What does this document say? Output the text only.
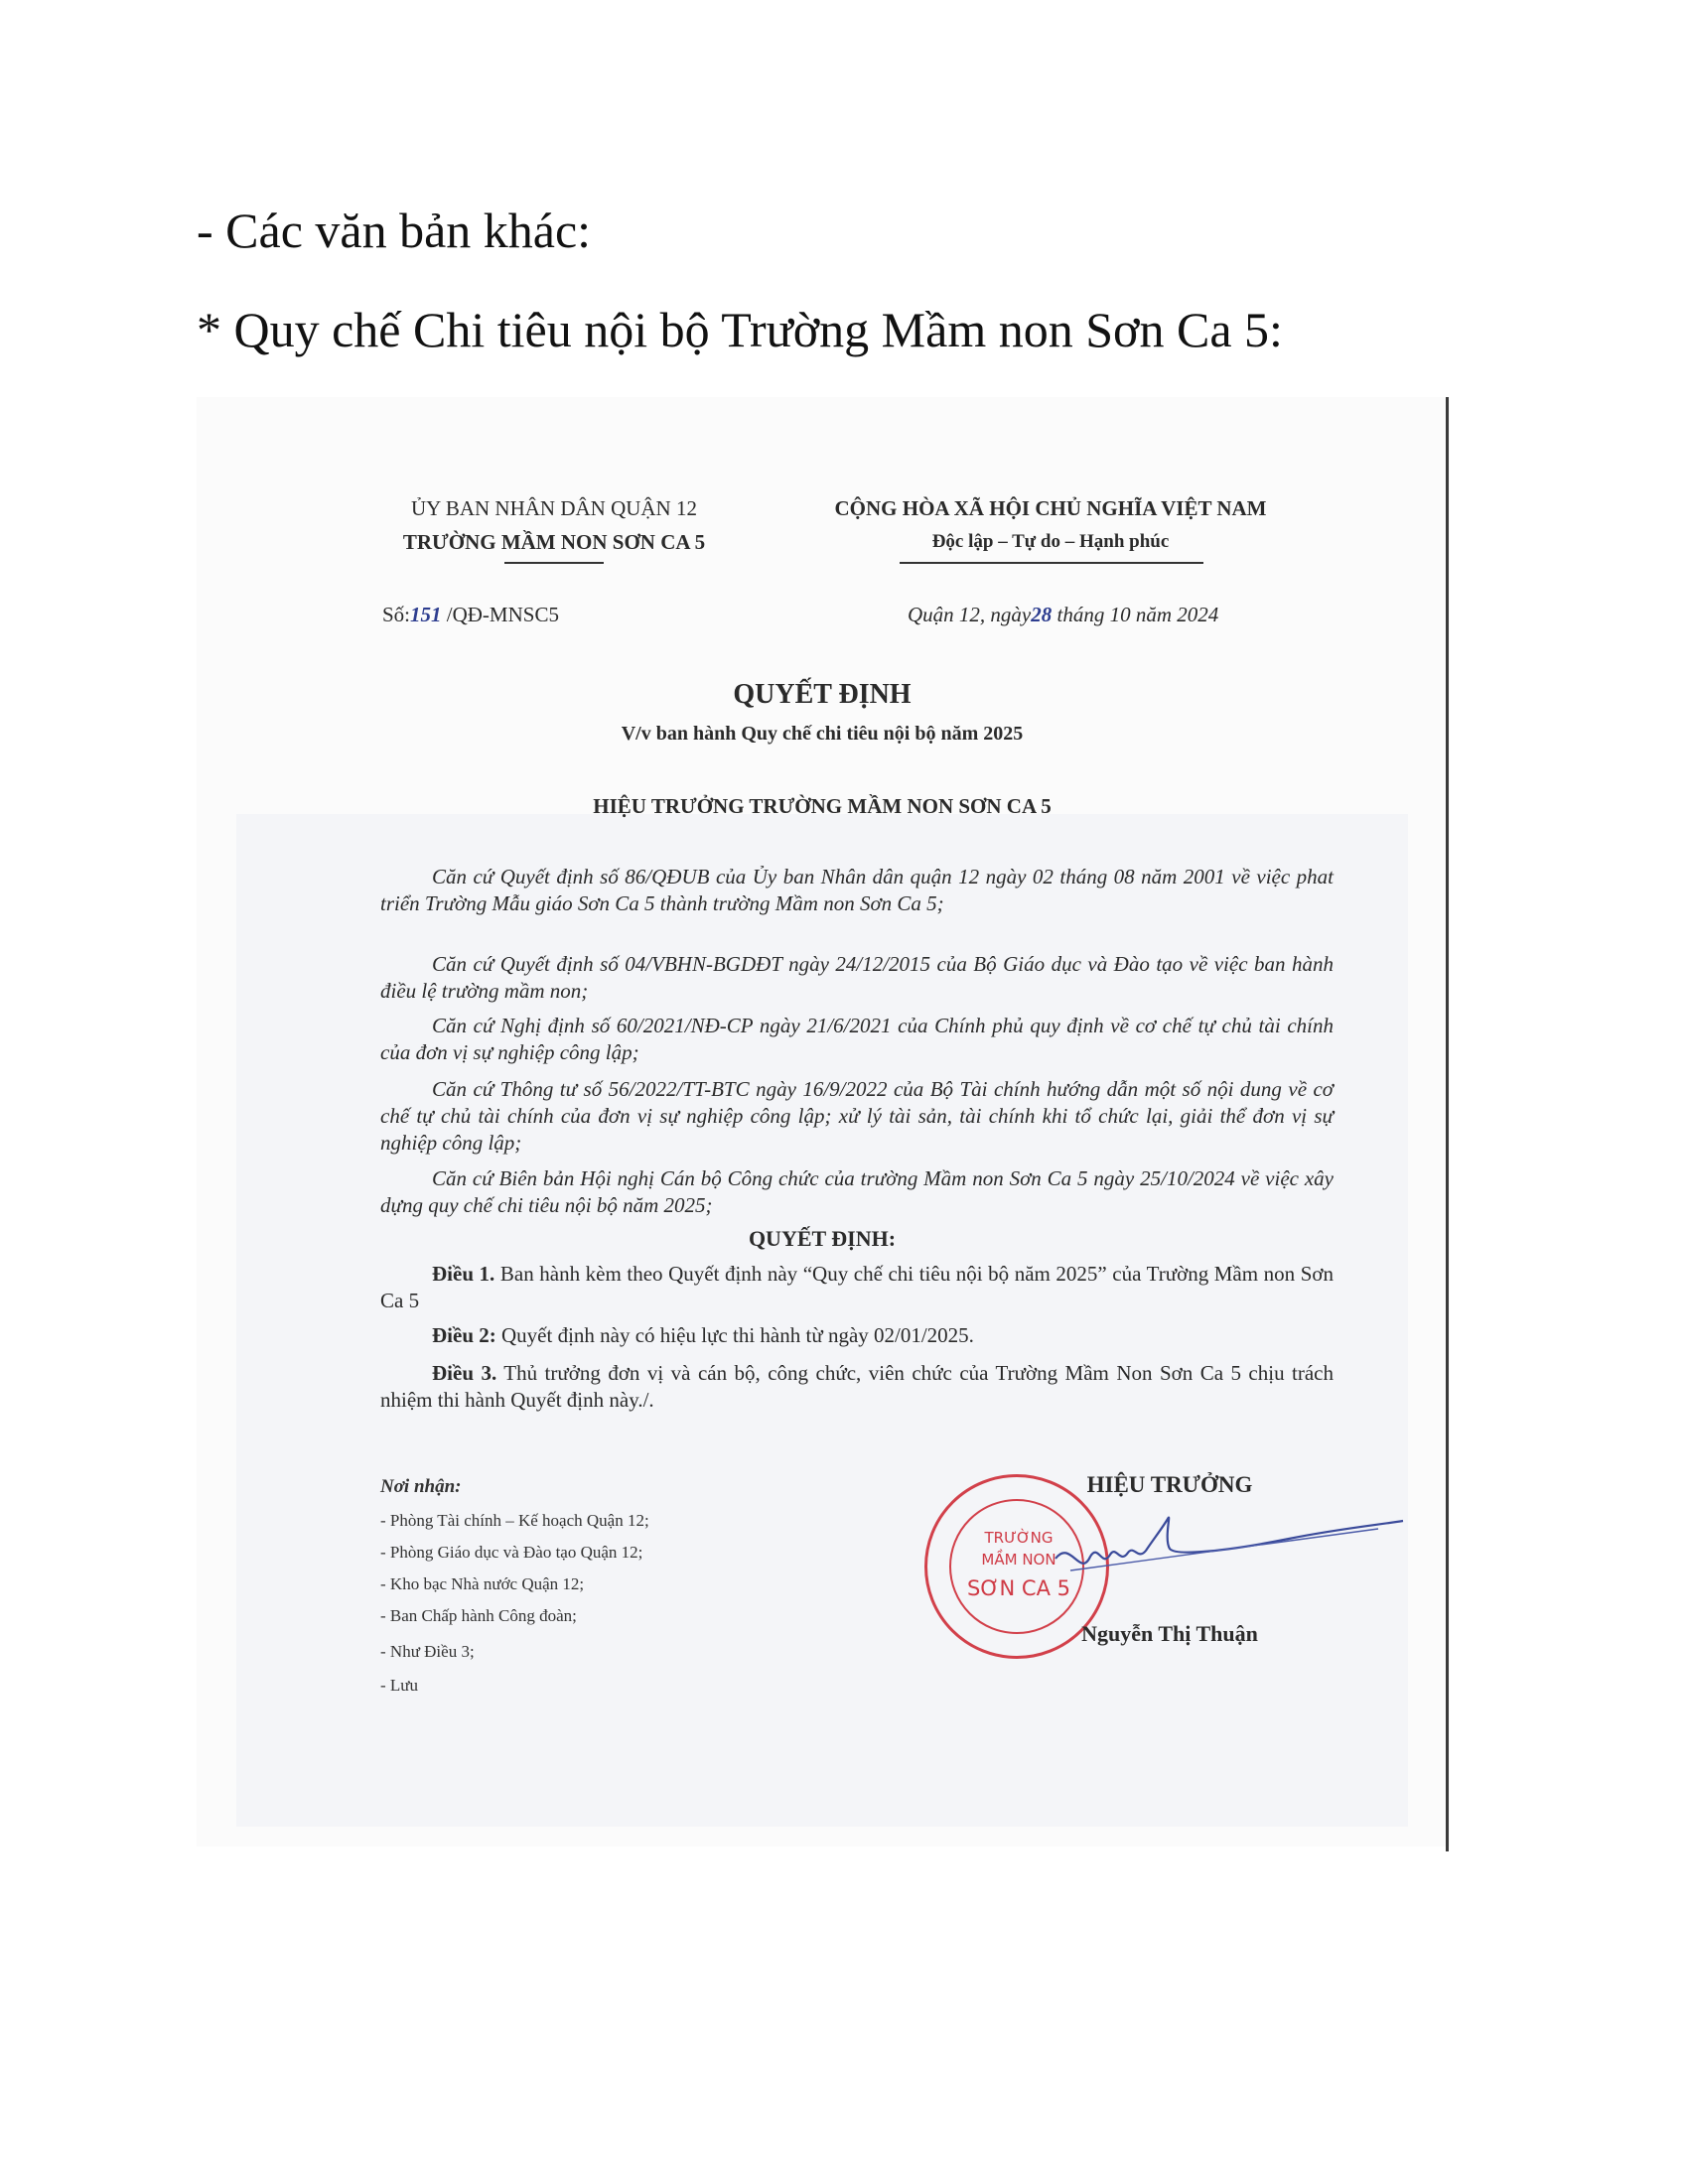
- Các văn bản khác:
* Quy chế Chi tiêu nội bộ Trường Mầm non Sơn Ca 5:
ỦY BAN NHÂN DÂN QUẬN 12
TRƯỜNG MẦM NON SƠN CA 5
CỘNG HÒA XÃ HỘI CHỦ NGHĨA VIỆT NAM
Độc lập – Tự do – Hạnh phúc
Số:151 /QĐ-MNSC5	Quận 12, ngày28 tháng 10 năm 2024
QUYẾT ĐỊNH
V/v ban hành Quy chế chi tiêu nội bộ năm 2025
HIỆU TRƯỞNG TRƯỜNG MẦM NON SƠN CA 5
Căn cứ Quyết định số 86/QĐUB của Ủy ban Nhân dân quận 12 ngày 02 tháng 08 năm 2001 về việc phat triển Trường Mẫu giáo Sơn Ca 5 thành trường Mầm non Sơn Ca 5;
Căn cứ Quyết định số 04/VBHN-BGDĐT ngày 24/12/2015 của Bộ Giáo dục và Đào tạo về việc ban hành điều lệ trường mầm non;
Căn cứ Nghị định số 60/2021/NĐ-CP ngày 21/6/2021 của Chính phủ quy định về cơ chế tự chủ tài chính của đơn vị sự nghiệp công lập;
Căn cứ Thông tư số 56/2022/TT-BTC ngày 16/9/2022 của Bộ Tài chính hướng dẫn một số nội dung về cơ chế tự chủ tài chính của đơn vị sự nghiệp công lập; xử lý tài sản, tài chính khi tổ chức lại, giải thể đơn vị sự nghiệp công lập;
Căn cứ Biên bản Hội nghị Cán bộ Công chức của trường Mầm non Sơn Ca 5 ngày 25/10/2024 về việc xây dựng quy chế chi tiêu nội bộ năm 2025;
QUYẾT ĐỊNH:
Điều 1. Ban hành kèm theo Quyết định này “Quy chế chi tiêu nội bộ năm 2025” của Trường Mầm non Sơn Ca 5
Điều 2: Quyết định này có hiệu lực thi hành từ ngày 02/01/2025.
Điều 3. Thủ trưởng đơn vị và cán bộ, công chức, viên chức của Trường Mầm Non Sơn Ca 5 chịu trách nhiệm thi hành Quyết định này./.
Nơi nhận:
- Phòng Tài chính – Kế hoạch Quận 12;
- Phòng Giáo dục và Đào tạo Quận 12;
- Kho bạc Nhà nước Quận 12;
- Ban Chấp hành Công đoàn;
- Như Điều 3;
- Lưu
TRƯỜNG
MẦM NON
SƠN CA 5
HIỆU TRƯỞNG
Nguyễn Thị Thuận
